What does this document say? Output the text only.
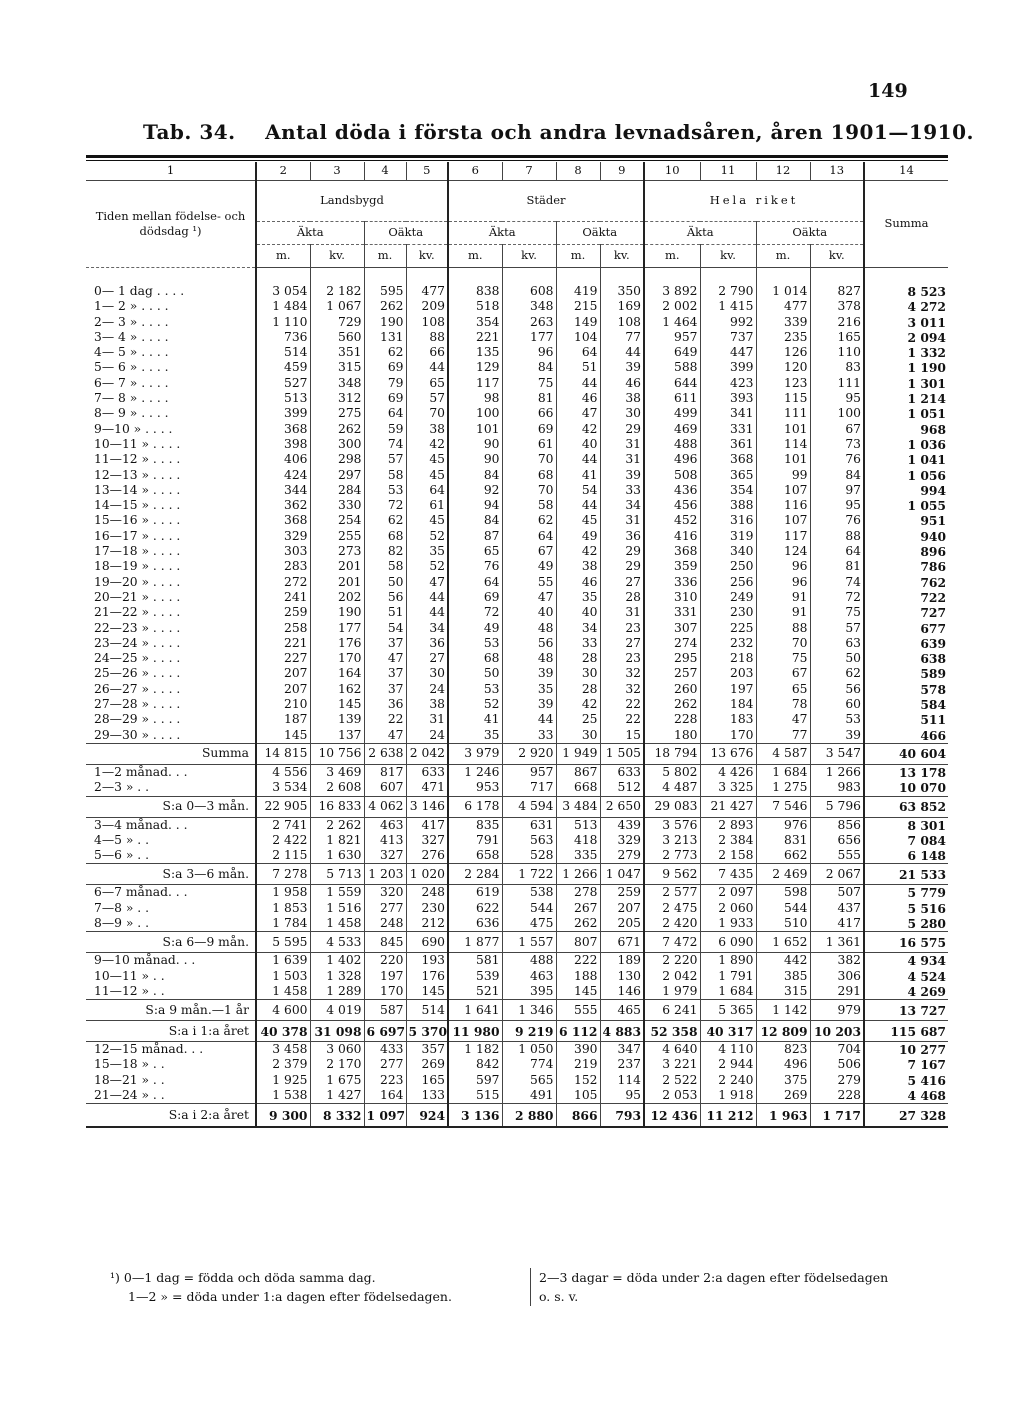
149
Tab. 34. Antal döda i första och andra levnadsåren, åren 1901—1910.
1	2	3	4	5	6	7	8	9	10	11	12	13	14
Tiden mellan födelse- och dödsdag ¹)	Landsbygd				Städer				Hela riket				Summa
	Äkta		Oäkta		Äkta		Oäkta		Äkta		Oäkta		
	m.	kv.	m.	kv.	m.	kv.	m.	kv.	m.	kv.	m.	kv.	

0— 1 dag . . . .	3 054	2 182	595	477	838	608	419	350	3 892	2 790	1 014	827	8 523
1— 2 » . . . .	1 484	1 067	262	209	518	348	215	169	2 002	1 415	477	378	4 272
2— 3 » . . . .	1 110	729	190	108	354	263	149	108	1 464	992	339	216	3 011
3— 4 » . . . .	736	560	131	88	221	177	104	77	957	737	235	165	2 094
4— 5 » . . . .	514	351	62	66	135	96	64	44	649	447	126	110	1 332
5— 6 » . . . .	459	315	69	44	129	84	51	39	588	399	120	83	1 190
6— 7 » . . . .	527	348	79	65	117	75	44	46	644	423	123	111	1 301
7— 8 » . . . .	513	312	69	57	98	81	46	38	611	393	115	95	1 214
8— 9 » . . . .	399	275	64	70	100	66	47	30	499	341	111	100	1 051
9—10 » . . . .	368	262	59	38	101	69	42	29	469	331	101	67	968
10—11 » . . . .	398	300	74	42	90	61	40	31	488	361	114	73	1 036
11—12 » . . . .	406	298	57	45	90	70	44	31	496	368	101	76	1 041
12—13 » . . . .	424	297	58	45	84	68	41	39	508	365	99	84	1 056
13—14 » . . . .	344	284	53	64	92	70	54	33	436	354	107	97	994
14—15 » . . . .	362	330	72	61	94	58	44	34	456	388	116	95	1 055
15—16 » . . . .	368	254	62	45	84	62	45	31	452	316	107	76	951
16—17 » . . . .	329	255	68	52	87	64	49	36	416	319	117	88	940
17—18 » . . . .	303	273	82	35	65	67	42	29	368	340	124	64	896
18—19 » . . . .	283	201	58	52	76	49	38	29	359	250	96	81	786
19—20 » . . . .	272	201	50	47	64	55	46	27	336	256	96	74	762
20—21 » . . . .	241	202	56	44	69	47	35	28	310	249	91	72	722
21—22 » . . . .	259	190	51	44	72	40	40	31	331	230	91	75	727
22—23 » . . . .	258	177	54	34	49	48	34	23	307	225	88	57	677
23—24 » . . . .	221	176	37	36	53	56	33	27	274	232	70	63	639
24—25 » . . . .	227	170	47	27	68	48	28	23	295	218	75	50	638
25—26 » . . . .	207	164	37	30	50	39	30	32	257	203	67	62	589
26—27 » . . . .	207	162	37	24	53	35	28	32	260	197	65	56	578
27—28 » . . . .	210	145	36	38	52	39	42	22	262	184	78	60	584
28—29 » . . . .	187	139	22	31	41	44	25	22	228	183	47	53	511
29—30 » . . . .	145	137	47	24	35	33	30	15	180	170	77	39	466
Summa	14 815	10 756	2 638	2 042	3 979	2 920	1 949	1 505	18 794	13 676	4 587	3 547	40 604
1—2 månad. . .	4 556	3 469	817	633	1 246	957	867	633	5 802	4 426	1 684	1 266	13 178
2—3 » . .	3 534	2 608	607	471	953	717	668	512	4 487	3 325	1 275	983	10 070
S:a 0—3 mån.	22 905	16 833	4 062	3 146	6 178	4 594	3 484	2 650	29 083	21 427	7 546	5 796	63 852
3—4 månad. . .	2 741	2 262	463	417	835	631	513	439	3 576	2 893	976	856	8 301
4—5 » . .	2 422	1 821	413	327	791	563	418	329	3 213	2 384	831	656	7 084
5—6 » . .	2 115	1 630	327	276	658	528	335	279	2 773	2 158	662	555	6 148
S:a 3—6 mån.	7 278	5 713	1 203	1 020	2 284	1 722	1 266	1 047	9 562	7 435	2 469	2 067	21 533
6—7 månad. . .	1 958	1 559	320	248	619	538	278	259	2 577	2 097	598	507	5 779
7—8 » . .	1 853	1 516	277	230	622	544	267	207	2 475	2 060	544	437	5 516
8—9 » . .	1 784	1 458	248	212	636	475	262	205	2 420	1 933	510	417	5 280
S:a 6—9 mån.	5 595	4 533	845	690	1 877	1 557	807	671	7 472	6 090	1 652	1 361	16 575
9—10 månad. . .	1 639	1 402	220	193	581	488	222	189	2 220	1 890	442	382	4 934
10—11 » . .	1 503	1 328	197	176	539	463	188	130	2 042	1 791	385	306	4 524
11—12 » . .	1 458	1 289	170	145	521	395	145	146	1 979	1 684	315	291	4 269
S:a 9 mån.—1 år	4 600	4 019	587	514	1 641	1 346	555	465	6 241	5 365	1 142	979	13 727
S:a i 1:a året	40 378	31 098	6 697	5 370	11 980	9 219	6 112	4 883	52 358	40 317	12 809	10 203	115 687
12—15 månad. . .	3 458	3 060	433	357	1 182	1 050	390	347	4 640	4 110	823	704	10 277
15—18 » . .	2 379	2 170	277	269	842	774	219	237	3 221	2 944	496	506	7 167
18—21 » . .	1 925	1 675	223	165	597	565	152	114	2 522	2 240	375	279	5 416
21—24 » . .	1 538	1 427	164	133	515	491	105	95	2 053	1 918	269	228	4 468
S:a i 2:a året	9 300	8 332	1 097	924	3 136	2 880	866	793	12 436	11 212	1 963	1 717	27 328
¹) 0—1 dag = födda och döda samma dag.
1—2 » = döda under 1:a dagen efter födelsedagen.
2—3 dagar = döda under 2:a dagen efter födelsedagen
o. s. v.
